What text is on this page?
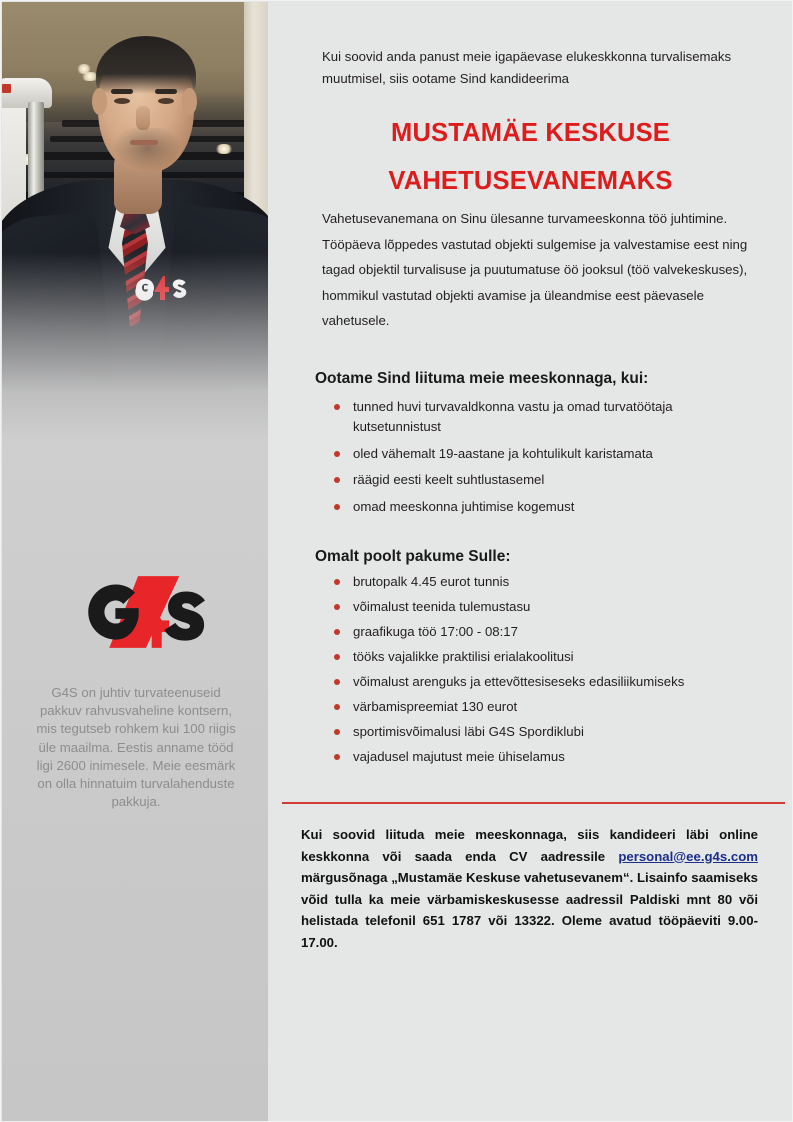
G4S on juhtiv turvateenuseid pakkuv rahvusvaheline kontsern, mis tegutseb rohkem kui 100 riigis üle maailma. Eestis anname tööd ligi 2600 inimesele. Meie eesmärk on olla hinnatuim turvalahenduste pakkuja.
Kui soovid anda panust meie igapäevase elukeskkonna turvalisemaks muutmisel, siis ootame Sind kandideerima
MUSTAMÄE KESKUSE
VAHETUSEVANEMAKS
Vahetusevanemana on Sinu ülesanne turvameeskonna töö juhtimine. Tööpäeva lõppedes vastutad objekti sulgemise ja valvestamise eest ning tagad objektil turvalisuse ja puutumatuse öö jooksul (töö valvekeskuses), hommikul vastutad objekti avamise ja üleandmise eest päevasele vahetusele.
Ootame Sind liituma meie meeskonnaga, kui:
tunned huvi turvavaldkonna vastu ja omad turvatöötaja kutsetunnistust
oled vähemalt 19-aastane ja kohtulikult karistamata
räägid eesti keelt suhtlustasemel
omad meeskonna juhtimise kogemust
Omalt poolt pakume Sulle:
brutopalk 4.45 eurot tunnis
võimalust teenida tulemustasu
graafikuga töö 17:00 - 08:17
tööks vajalikke praktilisi erialakoolitusi
võimalust arenguks ja ettevõttesiseseks edasiliikumiseks
värbamispreemiat 130 eurot
sportimisvõimalusi läbi G4S Spordiklubi
vajadusel majutust meie ühiselamus
Kui soovid liituda meie meeskonnaga, siis kandideeri läbi online keskkonna või saada enda CV aadressile personal@ee.g4s.com märgusõnaga „Mustamäe Keskuse vahetusevanem“. Lisainfo saamiseks võid tulla ka meie värbamiskeskusesse aadressil Paldiski mnt 80 või helistada telefonil 651 1787 või 13322. Oleme avatud tööpäeviti 9.00-17.00.
